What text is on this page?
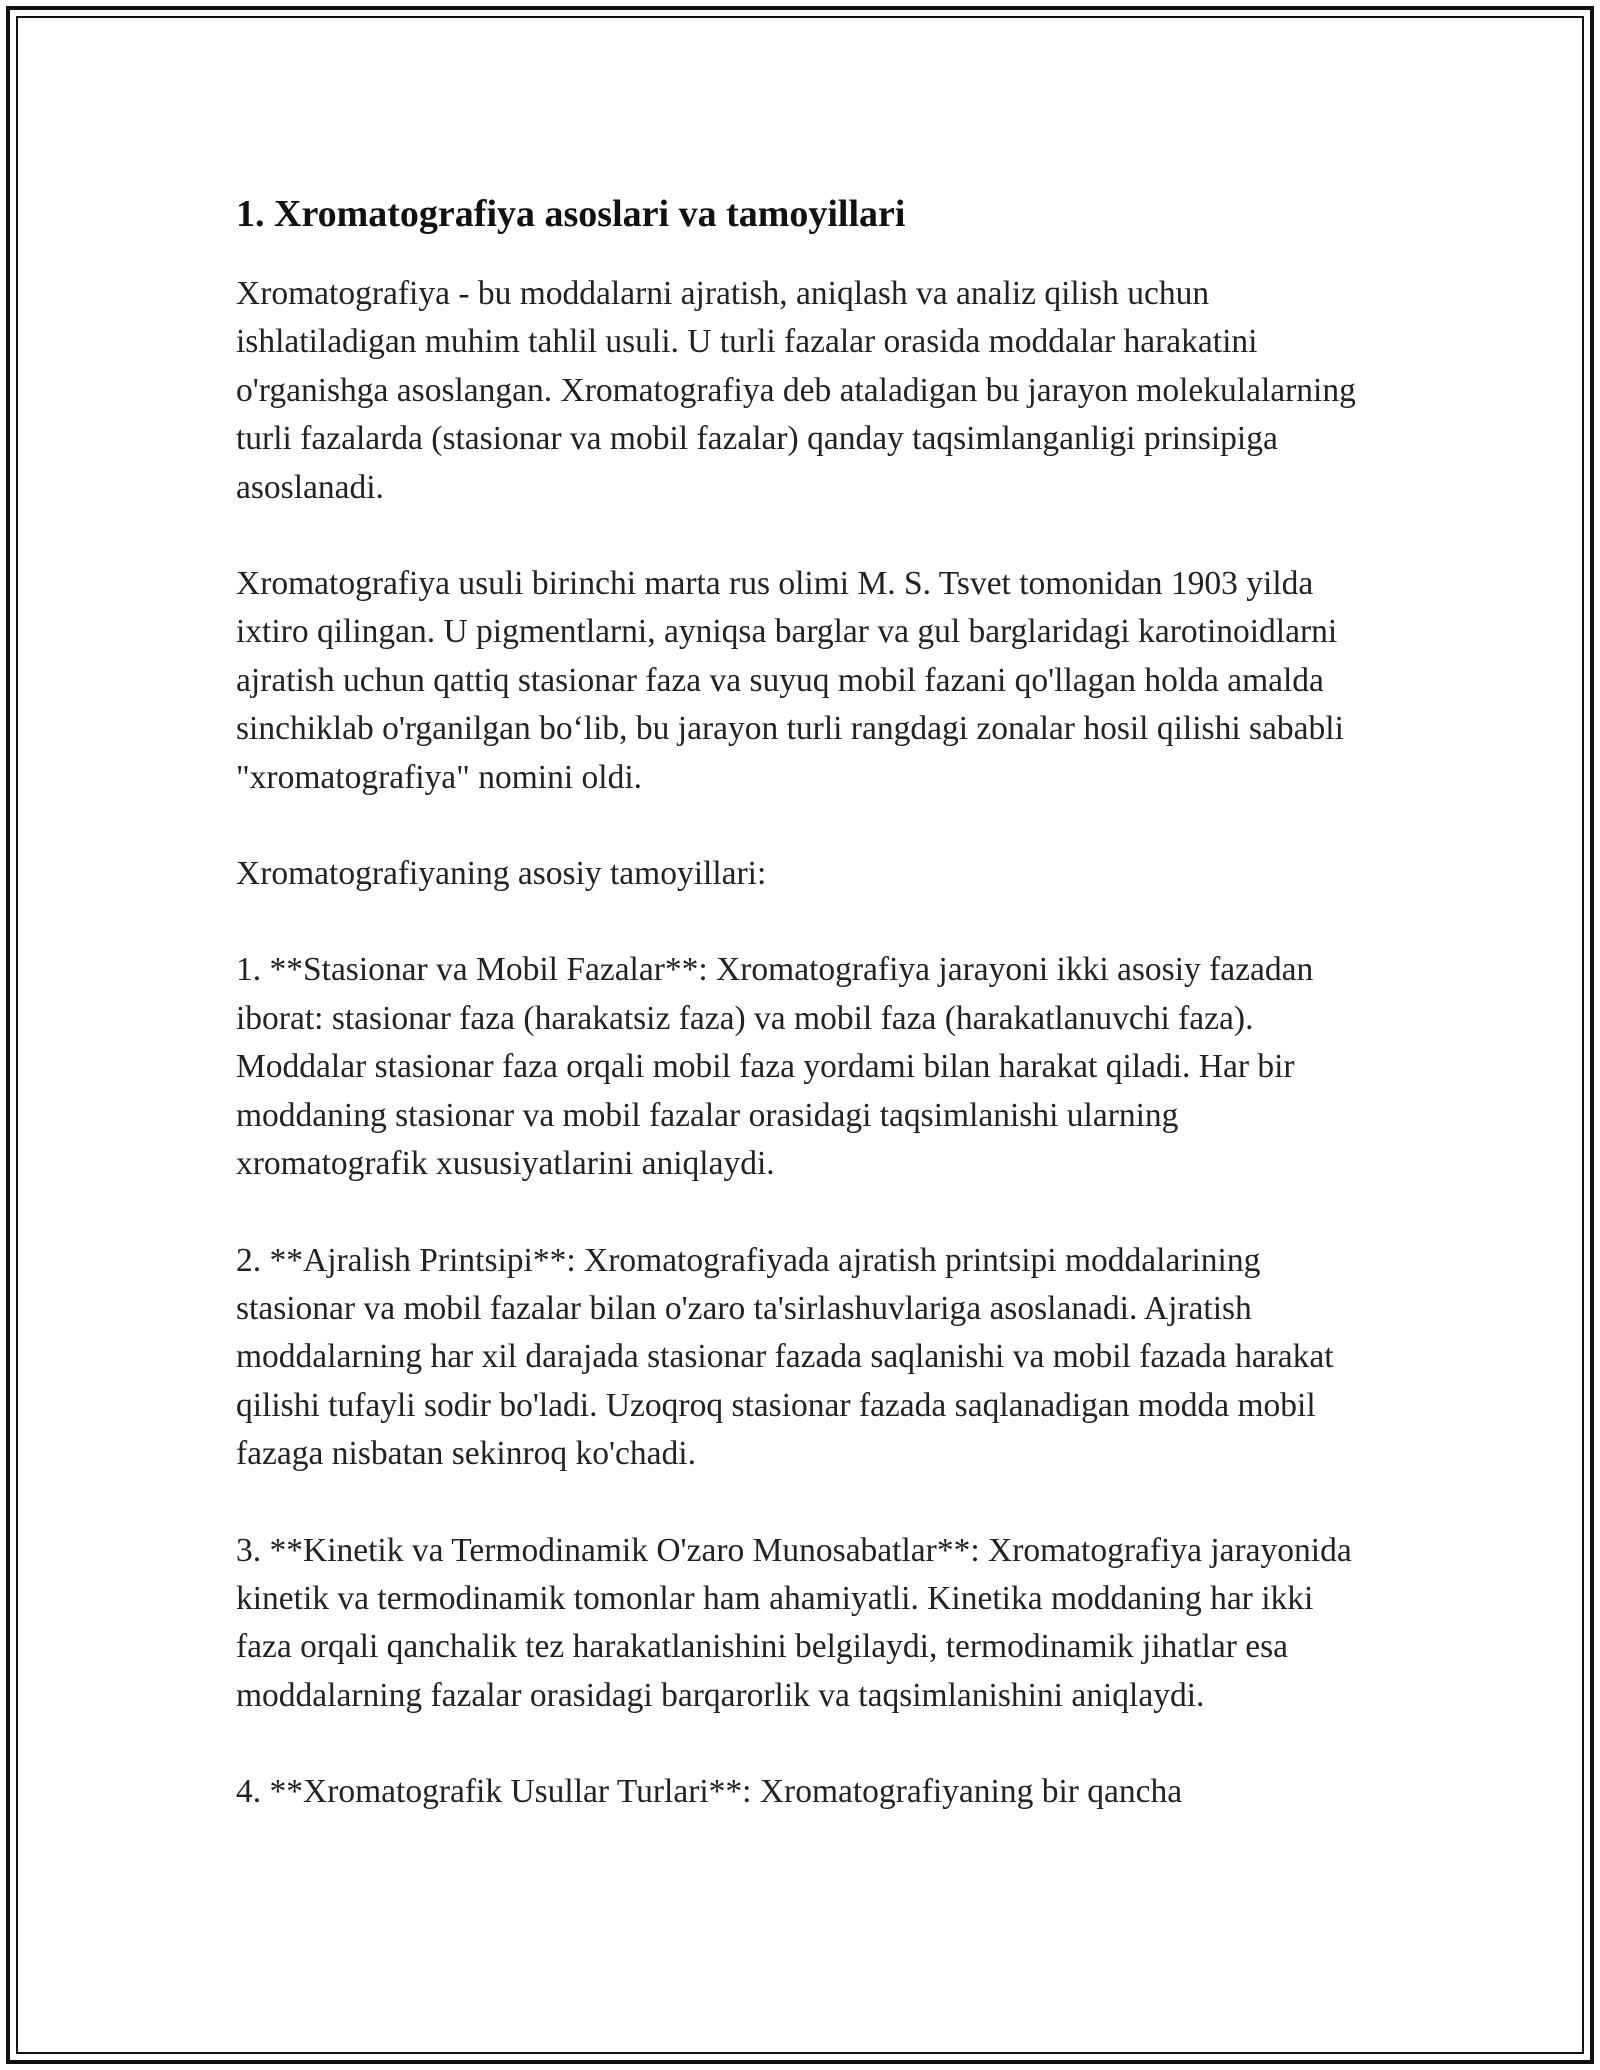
1. Xromatografiya asoslari va tamoyillari

Xromatografiya - bu moddalarni ajratish, aniqlash va analiz qilish uchun ishlatiladigan muhim tahlil usuli. U turli fazalar orasida moddalar harakatini o'rganishga asoslangan. Xromatografiya deb ataladigan bu jarayon molekulalarning turli fazalarda (stasionar va mobil fazalar) qanday taqsimlanganligi prinsipiga asoslanadi.

Xromatografiya usuli birinchi marta rus olimi M. S. Tsvet tomonidan 1903 yilda ixtiro qilingan. U pigmentlarni, ayniqsa barglar va gul barglaridagi karotinoidlarni ajratish uchun qattiq stasionar faza va suyuq mobil fazani qo'llagan holda amalda sinchiklab o'rganilgan bo‘lib, bu jarayon turli rangdagi zonalar hosil qilishi sababli "xromatografiya" nomini oldi.

Xromatografiyaning asosiy tamoyillari:

1. **Stasionar va Mobil Fazalar**: Xromatografiya jarayoni ikki asosiy fazadan iborat: stasionar faza (harakatsiz faza) va mobil faza (harakatlanuvchi faza). Moddalar stasionar faza orqali mobil faza yordami bilan harakat qiladi. Har bir moddaning stasionar va mobil fazalar orasidagi taqsimlanishi ularning xromatografik xususiyatlarini aniqlaydi.

2. **Ajralish Printsipi**: Xromatografiyada ajratish printsipi moddalarining stasionar va mobil fazalar bilan o'zaro ta'sirlashuvlariga asoslanadi. Ajratish moddalarning har xil darajada stasionar fazada saqlanishi va mobil fazada harakat qilishi tufayli sodir bo'ladi. Uzoqroq stasionar fazada saqlanadigan modda mobil fazaga nisbatan sekinroq ko'chadi.

3. **Kinetik va Termodinamik O'zaro Munosabatlar**: Xromatografiya jarayonida kinetik va termodinamik tomonlar ham ahamiyatli. Kinetika moddaning har ikki faza orqali qanchalik tez harakatlanishini belgilaydi, termodinamik jihatlar esa moddalarning fazalar orasidagi barqarorlik va taqsimlanishini aniqlaydi.

4. **Xromatografik Usullar Turlari**: Xromatografiyaning bir qancha
